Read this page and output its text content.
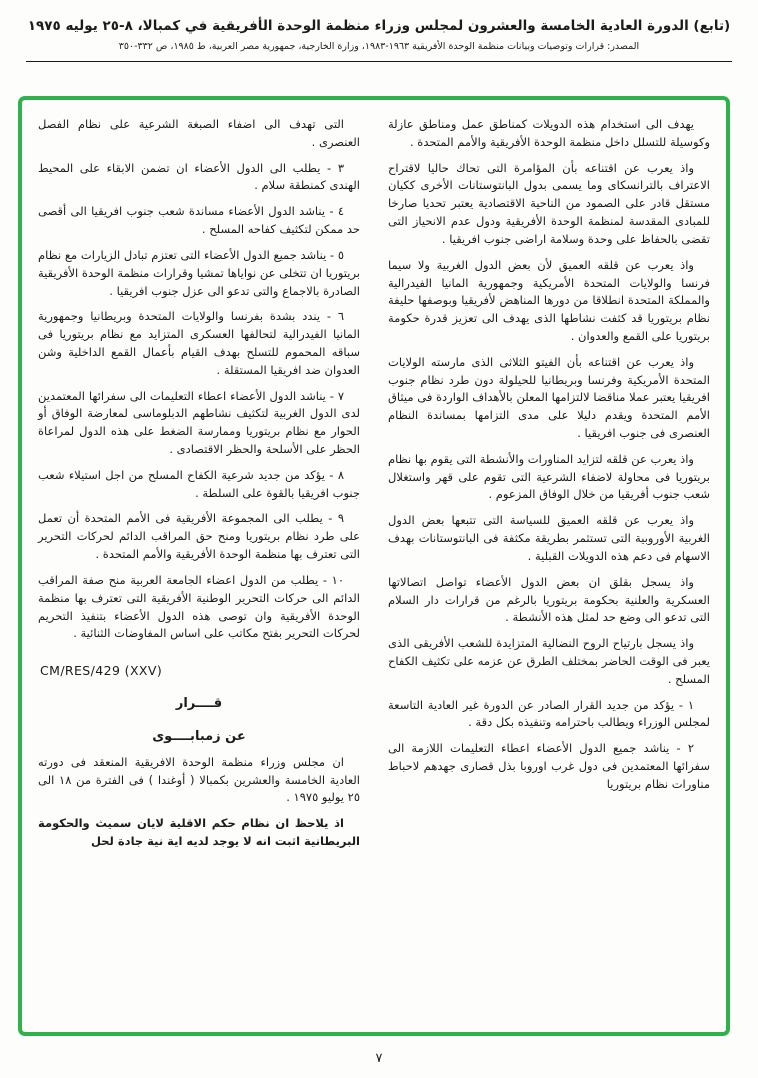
(تابع) الدورة العادية الخامسة والعشرون لمجلس وزراء منظمة الوحدة الأفريقية في كمبالا، ٨-٢٥ يوليه ١٩٧٥
المصدر: قرارات وتوصيات وبيانات منظمة الوحدة الأفريقية ١٩٦٣-١٩٨٣، وزارة الخارجية، جمهورية مصر العربية، ط ١٩٨٥، ص ٣٣٢-٣٥٠
يهدف الى استخدام هذه الدويلات كمناطق عمل ومناطق عازلة وكوسيلة للتسلل داخل منظمة الوحدة الأفريقية والأمم المتحدة .
واذ يعرب عن اقتناعه بأن المؤامرة التى تحاك حاليا لاقتراح الاعتراف بالترانسكاى وما يسمى بدول البانتوستانات الأخرى ككيان مستقل قادر على الصمود من الناحية الاقتصادية يعتبر تحديا صارخا للمبادى المقدسة لمنظمة الوحدة الأفريقية ودول عدم الانحياز التى تقضى بالحفاظ على وحدة وسلامة اراضى جنوب افريقيا .
واذ يعرب عن قلقه العميق لأن بعض الدول الغربية ولا سيما فرنسا والولايات المتحدة الأمريكية وجمهورية المانيا الفيدرالية والمملكة المتحدة انطلاقا من دورها المناهض لأفريقيا وبوصفها حليفة نظام بريتوريا قد كثفت نشاطها الذى يهدف الى تعزيز قدرة حكومة بريتوريا على القمع والعدوان .
واذ يعرب عن اقتناعه بأن الفيتو الثلاثى الذى مارسته الولايات المتحدة الأمريكية وفرنسا وبريطانيا للحيلولة دون طرد نظام جنوب افريقيا يعتبر عملا مناقضا لالتزامها المعلن بالأهداف الواردة فى ميثاق الأمم المتحدة ويقدم دليلا على مدى التزامها بمساندة النظام العنصرى فى جنوب افريقيا .
واذ يعرب عن قلقه لتزايد المناورات والأنشطة التى يقوم بها نظام بريتوريا فى محاولة لاضفاء الشرعية التى تقوم على قهر واستغلال شعب جنوب أفريقيا من خلال الوفاق المزعوم .
واذ يعرب عن قلقه العميق للسياسة التى تتبعها بعض الدول الغربية الأوروبية التى تستثمر بطريقة مكثفة فى البانتوستانات بهدف الاسهام فى دعم هذه الدويلات القبلية .
واذ يسجل بقلق ان بعض الدول الأعضاء تواصل اتصالاتها العسكرية والعلنية بحكومة بريتوريا بالرغم من قرارات دار السلام التى تدعو الى وضع حد لمثل هذه الأنشطة .
واذ يسجل بارتياح الروح النضالية المتزايدة للشعب الأفريقى الذى يعبر فى الوقت الحاضر بمختلف الطرق عن عزمه على تكثيف الكفاح المسلح .
١ - يؤكد من جديد القرار الصادر عن الدورة غير العادية التاسعة لمجلس الوزراء ويطالب باحترامه وتنفيذه بكل دقة .
٢ - يناشد جميع الدول الأعضاء اعطاء التعليمات اللازمة الى سفرائها المعتمدين فى دول غرب اوروبا بذل قصارى جهدهم لاحباط مناورات نظام بريتوريا
التى تهدف الى اضفاء الصبغة الشرعية على نظام الفصل العنصرى .
٣ - يطلب الى الدول الأعضاء ان تضمن الابقاء على المحيط الهندى كمنطقة سلام .
٤ - يناشد الدول الأعضاء مساندة شعب جنوب افريقيا الى أقصى حد ممكن لتكثيف كفاحه المسلح .
٥ - يناشد جميع الدول الأعضاء التى تعتزم تبادل الزيارات مع نظام بريتوريا ان تتخلى عن نواياها تمشيا وقرارات منظمة الوحدة الأفريقية الصادرة بالاجماع والتى تدعو الى عزل جنوب افريقيا .
٦ - يندد بشدة بفرنسا والولايات المتحدة وبريطانيا وجمهورية المانيا الفيدرالية لتحالفها العسكرى المتزايد مع نظام بريتوريا فى سباقه المحموم للتسلح بهدف القيام بأعمال القمع الداخلية وشن العدوان ضد افريقيا المستقلة .
٧ - يناشد الدول الأعضاء اعطاء التعليمات الى سفرائها المعتمدين لدى الدول الغربية لتكثيف نشاطهم الدبلوماسى لمعارضة الوفاق أو الحوار مع نظام بريتوريا وممارسة الضغط على هذه الدول لمراعاة الحظر على الأسلحة والحظر الاقتصادى .
٨ - يؤكد من جديد شرعية الكفاح المسلح من اجل استيلاء شعب جنوب افريقيا بالقوة على السلطة .
٩ - يطلب الى المجموعة الأفريقية فى الأمم المتحدة أن تعمل على طرد نظام بريتوريا ومنح حق المراقب الدائم لحركات التحرير التى تعترف بها منظمة الوحدة الأفريقية والأمم المتحدة .
١٠ - يطلب من الدول اعضاء الجامعة العربية منح صفة المراقب الدائم الى حركات التحرير الوطنية الأفريقية التى تعترف بها منظمة الوحدة الأفريقية وان توصى هذه الدول الأعضاء بتنفيذ التحريم لحركات التحرير بفتح مكاتب على اساس المفاوضات الثنائية .
CM/RES/429 (XXV)
قــــرار
عن زمبابــــوى
ان مجلس وزراء منظمة الوحدة الافريقية المنعقد فى دورته العادية الخامسة والعشرين بكمبالا ( أوغندا ) فى الفترة من ١٨ الى ٢٥ يوليو ١٩٧٥ .
اذ يلاحظ ان نظام حكم الاقلية لايان سميث والحكومة البريطانية اثبت انه لا يوجد لديه اية نية جادة لحل
٧
